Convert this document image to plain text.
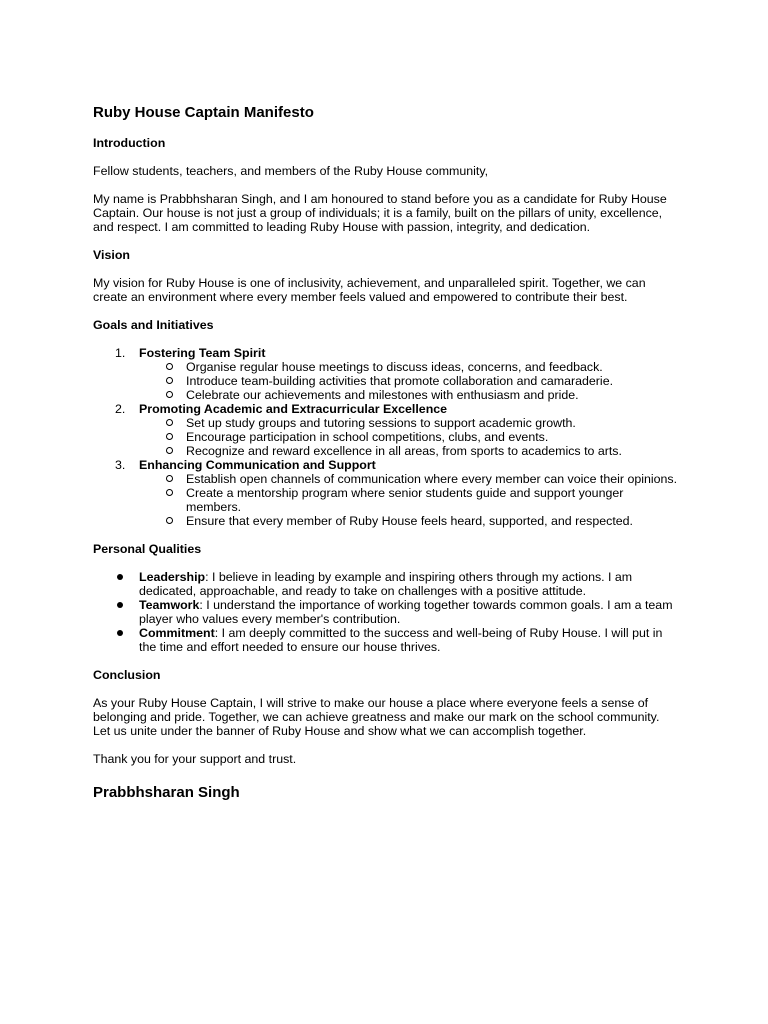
Ruby House Captain Manifesto
Introduction

Fellow students, teachers, and members of the Ruby House community,

My name is Prabbhsharan Singh, and I am honoured to stand before you as a candidate for Ruby House Captain. Our house is not just a group of individuals; it is a family, built on the pillars of unity, excellence, and respect. I am committed to leading Ruby House with passion, integrity, and dedication.

Vision

My vision for Ruby House is one of inclusivity, achievement, and unparalleled spirit. Together, we can create an environment where every member feels valued and empowered to contribute their best.

Goals and Initiatives
1.	Fostering Team Spirit
Organise regular house meetings to discuss ideas, concerns, and feedback.
Introduce team-building activities that promote collaboration and camaraderie.
Celebrate our achievements and milestones with enthusiasm and pride.
2.	Promoting Academic and Extracurricular Excellence
Set up study groups and tutoring sessions to support academic growth.
Encourage participation in school competitions, clubs, and events.
Recognize and reward excellence in all areas, from sports to academics to arts.
3.	Enhancing Communication and Support
Establish open channels of communication where every member can voice their opinions.
Create a mentorship program where senior students guide and support younger members.
Ensure that every member of Ruby House feels heard, supported, and respected.
Personal Qualities
Leadership: I believe in leading by example and inspiring others through my actions. I am dedicated, approachable, and ready to take on challenges with a positive attitude.
Teamwork: I understand the importance of working together towards common goals. I am a team player who values every member's contribution.
Commitment: I am deeply committed to the success and well-being of Ruby House. I will put in the time and effort needed to ensure our house thrives.
Conclusion

As your Ruby House Captain, I will strive to make our house a place where everyone feels a sense of belonging and pride. Together, we can achieve greatness and make our mark on the school community. Let us unite under the banner of Ruby House and show what we can accomplish together.

Thank you for your support and trust.

Prabbhsharan Singh
